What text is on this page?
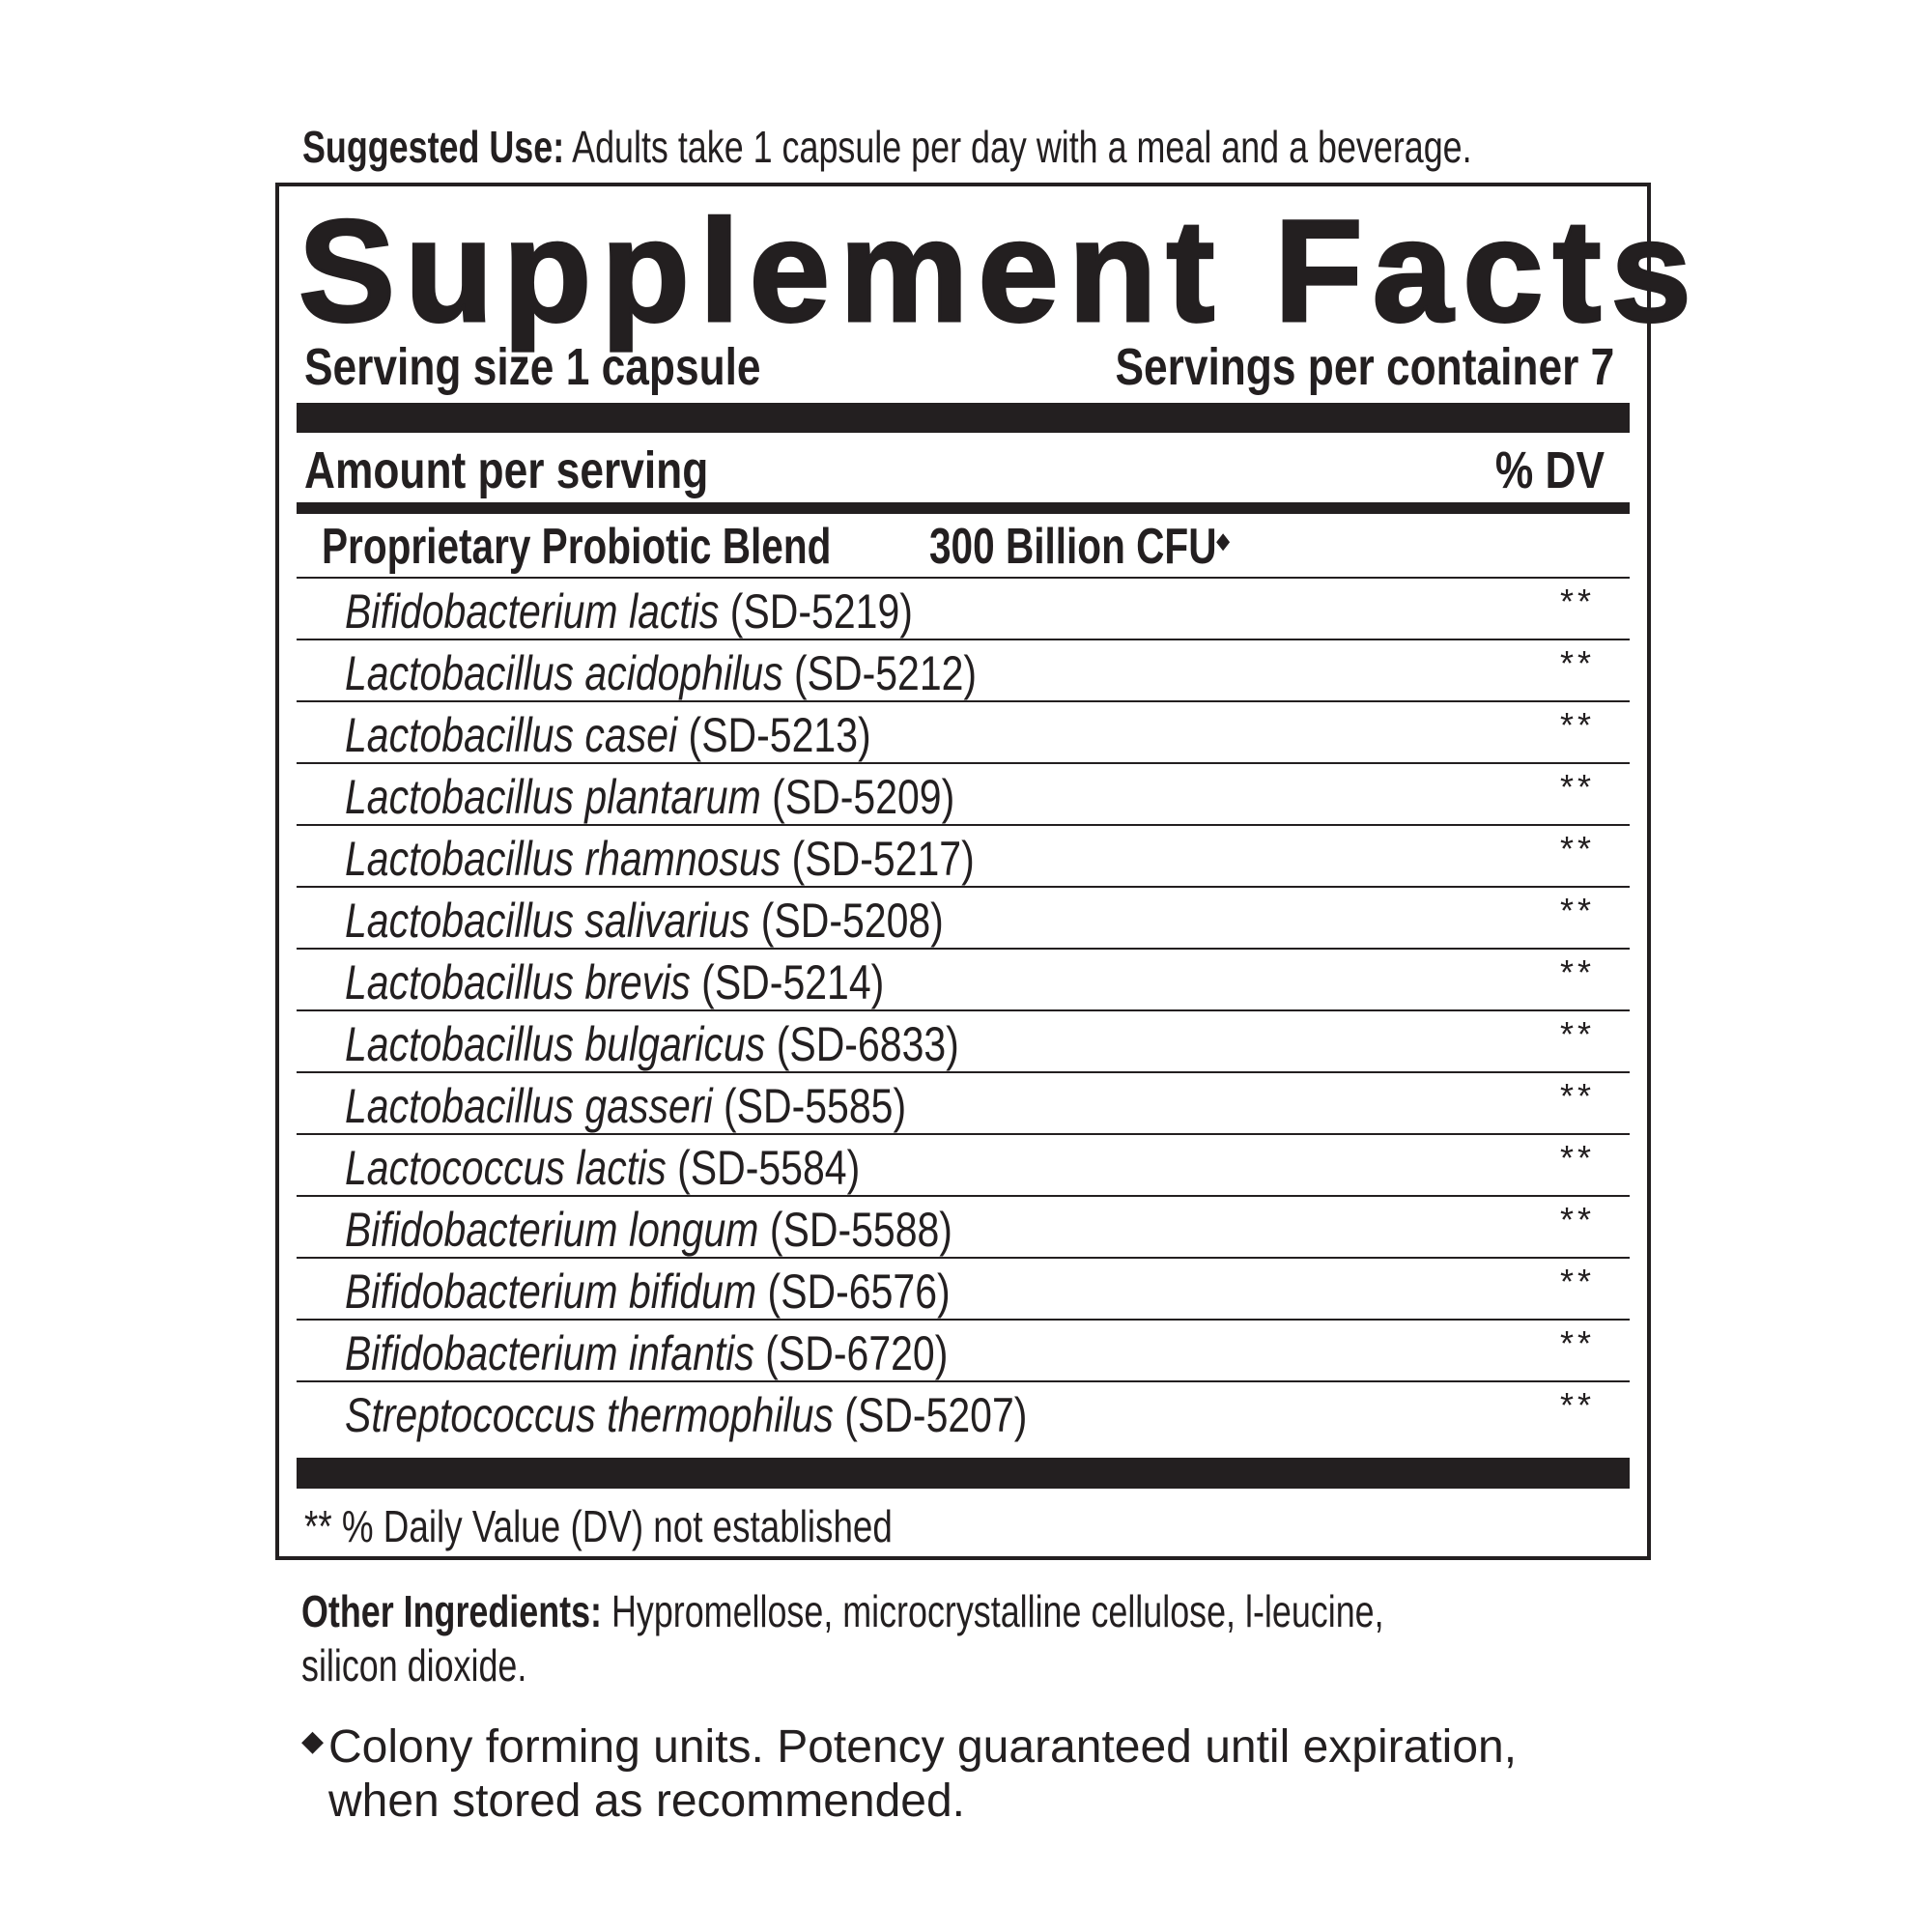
Suggested Use: Adults take 1 capsule per day with a meal and a beverage.
Supplement Facts
Serving size 1 capsule	Servings per container 7
Amount per serving	% DV
Proprietary Probiotic Blend	300 Billion CFU◆
Bifidobacterium lactis (SD-5219)	**
Lactobacillus acidophilus (SD-5212)	**
Lactobacillus casei (SD-5213)	**
Lactobacillus plantarum (SD-5209)	**
Lactobacillus rhamnosus (SD-5217)	**
Lactobacillus salivarius (SD-5208)	**
Lactobacillus brevis (SD-5214)	**
Lactobacillus bulgaricus (SD-6833)	**
Lactobacillus gasseri (SD-5585)	**
Lactococcus lactis (SD-5584)	**
Bifidobacterium longum (SD-5588)	**
Bifidobacterium bifidum (SD-6576)	**
Bifidobacterium infantis (SD-6720)	**
Streptococcus thermophilus (SD-5207)	**
** % Daily Value (DV) not established
Other Ingredients: Hypromellose, microcrystalline cellulose, l-leucine,
silicon dioxide.
◆ Colony forming units. Potency guaranteed until expiration,
when stored as recommended.
